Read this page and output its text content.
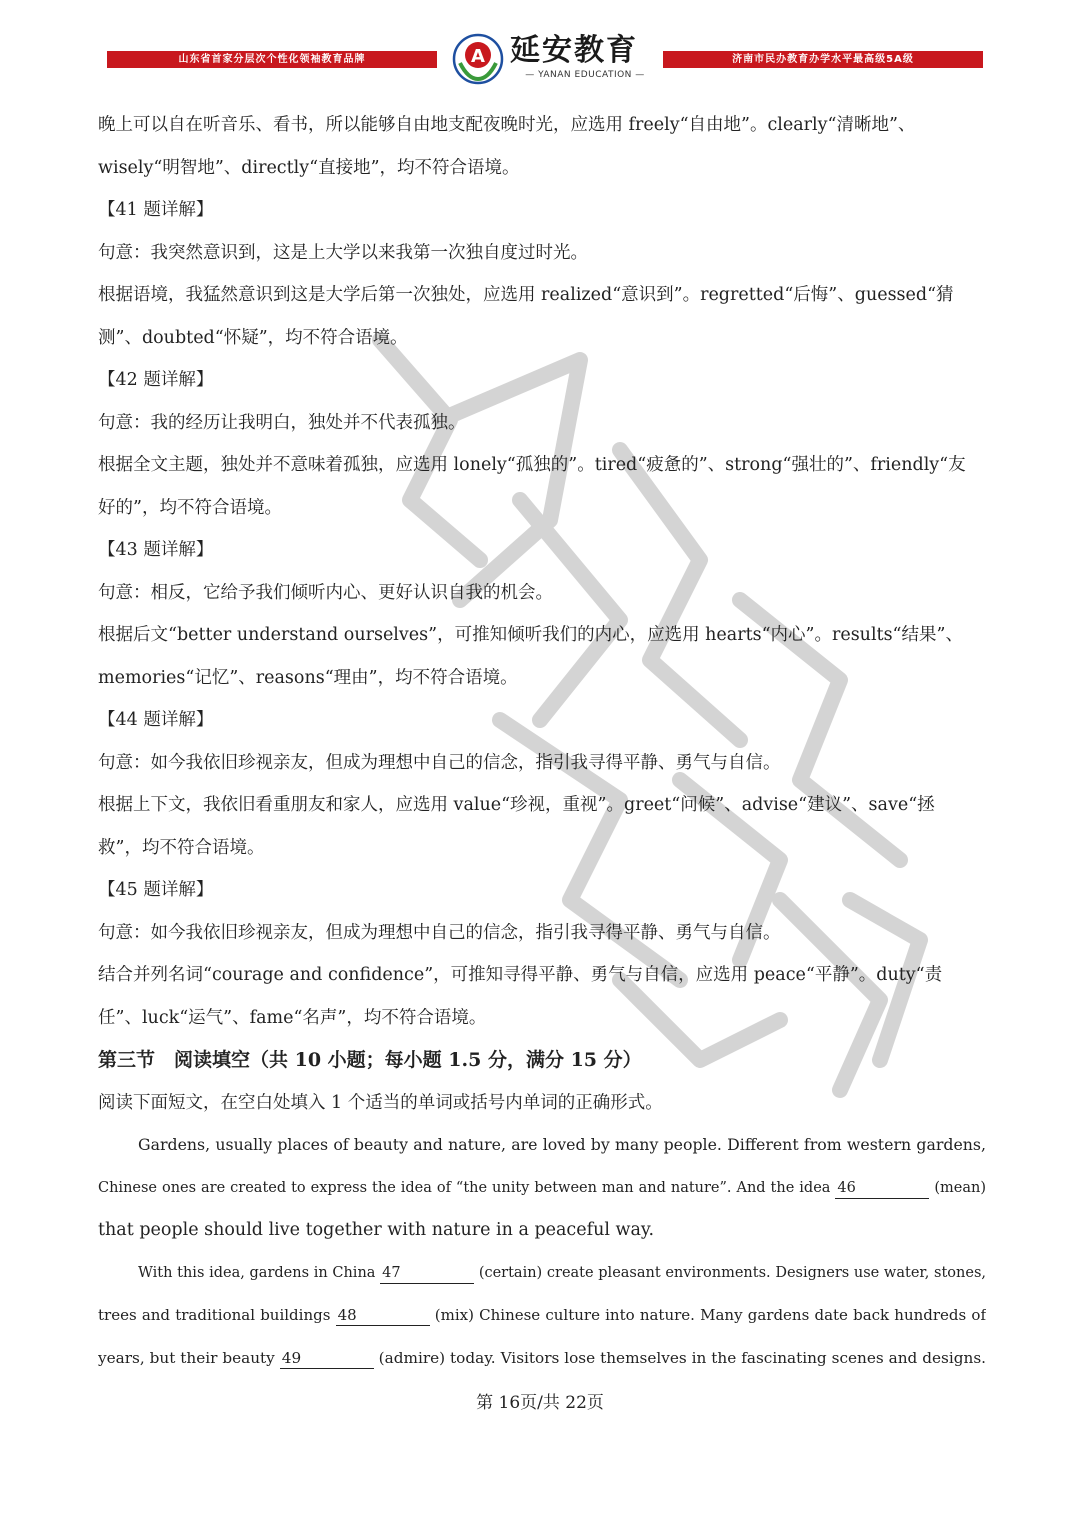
山东省首家分层次个性化领袖教育品牌	济南市民办教育办学水平最高级5A级
A 延安教育
— YANAN EDUCATION —
晚上可以自在听音乐、看书，所以能够自由地支配夜晚时光，应选用 freely“自由地”。clearly“清晰地”、
wisely“明智地”、directly“直接地”，均不符合语境。
【41 题详解】
句意：我突然意识到，这是上大学以来我第一次独自度过时光。
根据语境，我猛然意识到这是大学后第一次独处，应选用 realized“意识到”。regretted“后悔”、guessed“猜
测”、doubted“怀疑”，均不符合语境。
【42 题详解】
句意：我的经历让我明白，独处并不代表孤独。
根据全文主题，独处并不意味着孤独，应选用 lonely“孤独的”。tired“疲惫的”、strong“强壮的”、friendly“友
好的”，均不符合语境。
【43 题详解】
句意：相反，它给予我们倾听内心、更好认识自我的机会。
根据后文“better understand ourselves”，可推知倾听我们的内心，应选用 hearts“内心”。results“结果”、
memories“记忆”、reasons“理由”，均不符合语境。
【44 题详解】
句意：如今我依旧珍视亲友，但成为理想中自己的信念，指引我寻得平静、勇气与自信。
根据上下文，我依旧看重朋友和家人，应选用 value“珍视，重视”。greet“问候”、advise“建议”、save“拯
救”，均不符合语境。
【45 题详解】
句意：如今我依旧珍视亲友，但成为理想中自己的信念，指引我寻得平静、勇气与自信。
结合并列名词“courage and confidence”，可推知寻得平静、勇气与自信，应选用 peace“平静”。duty“责
任”、luck“运气”、fame“名声”，均不符合语境。
第三节　阅读填空（共 10 小题；每小题 1.5 分，满分 15 分）
阅读下面短文，在空白处填入 1 个适当的单词或括号内单词的正确形式。
Gardens, usually places of beauty and nature, are loved by many people. Different from western gardens,
Chinese ones are created to express the idea of “the unity between man and nature”. And the idea 46	(mean)
that people should live together with nature in a peaceful way.
With this idea, gardens in China 47	(certain) create pleasant environments. Designers use water, stones,
trees and traditional buildings 48	(mix) Chinese culture into nature. Many gardens date back hundreds of
years, but their beauty 49	(admire) today. Visitors lose themselves in the fascinating scenes and designs.
第 16页/共 22页
